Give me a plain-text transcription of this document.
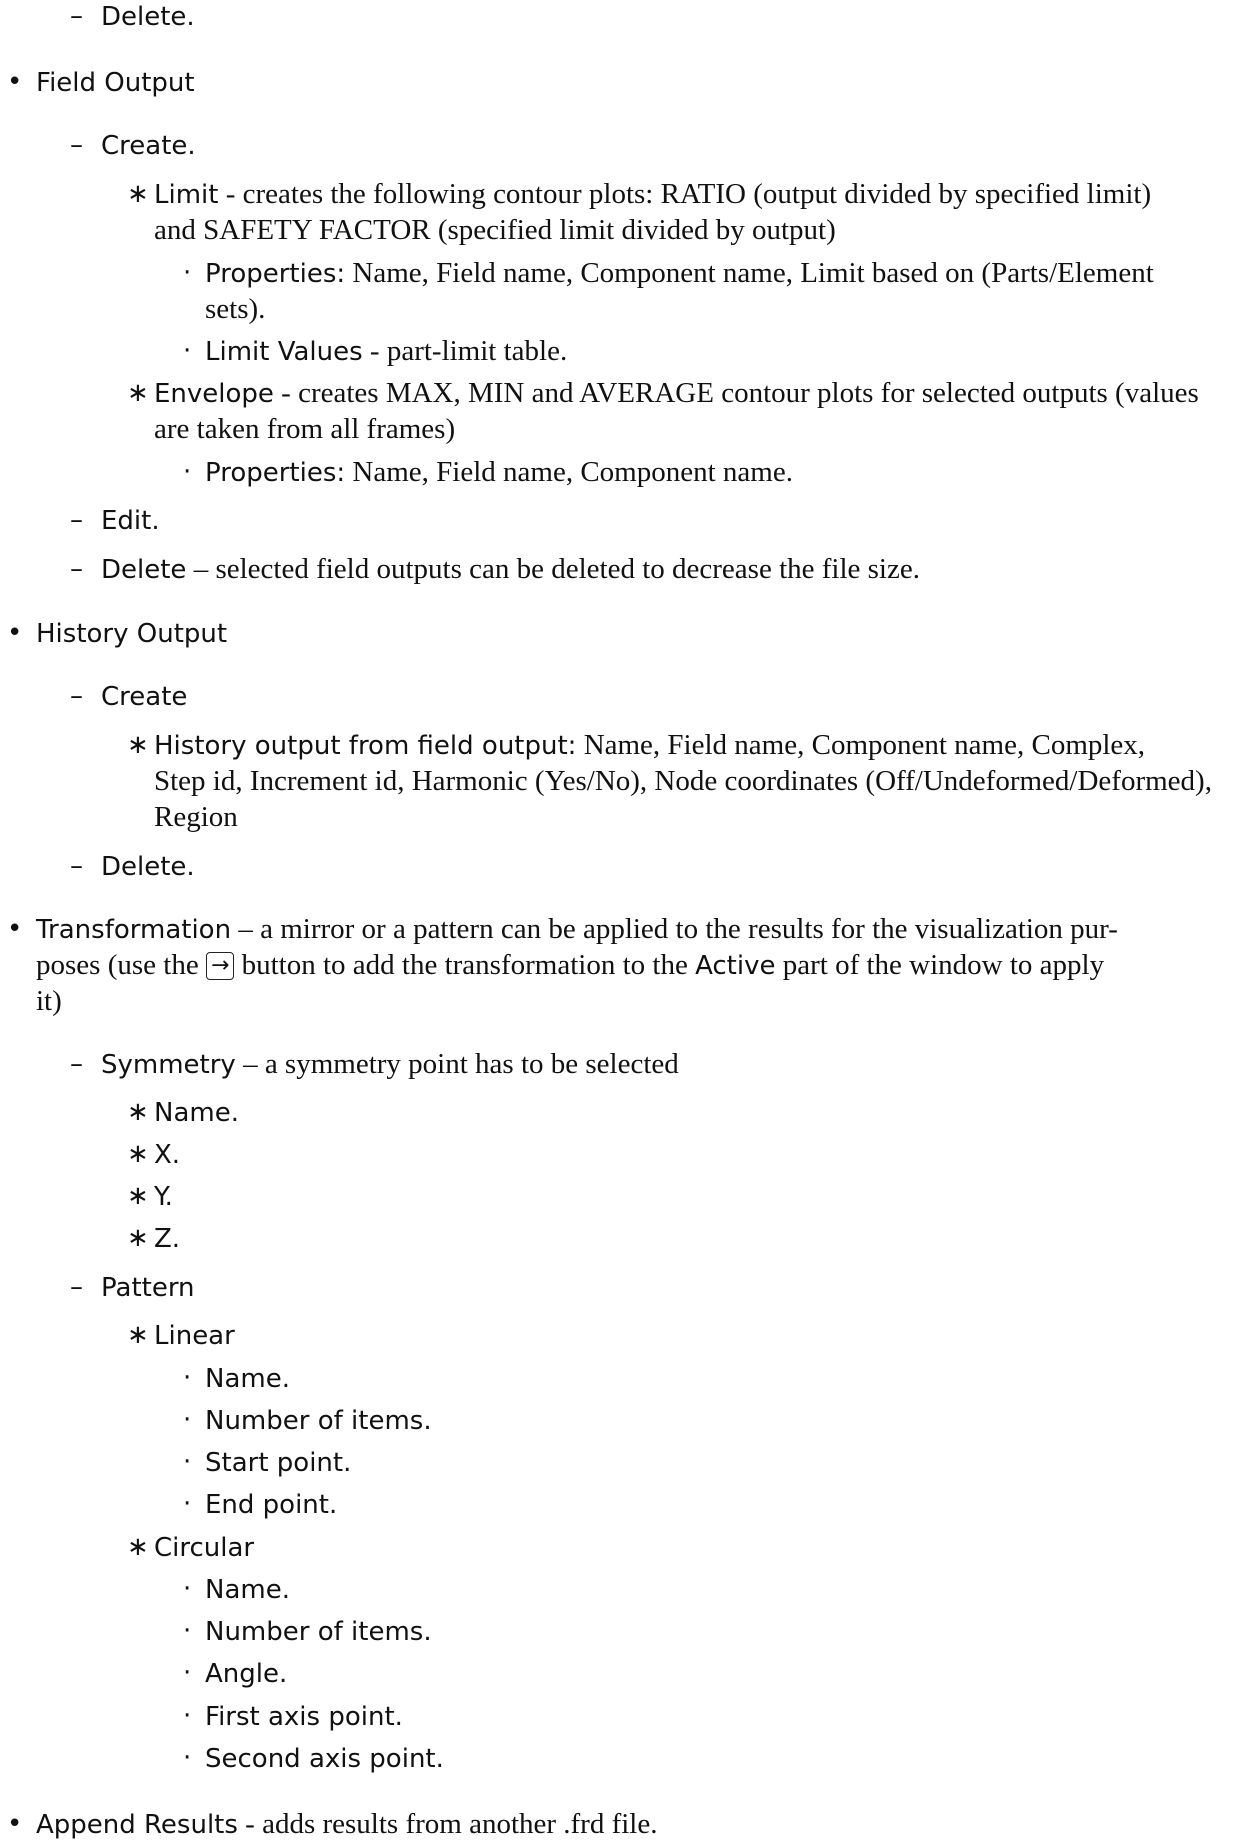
– Delete.
• Field Output
– Create.
∗ Limit - creates the following contour plots: RATIO (output divided by specified limit)
and SAFETY FACTOR (specified limit divided by output)
· Properties: Name, Field name, Component name, Limit based on (Parts/Element
sets).
· Limit Values - part-limit table.
∗ Envelope - creates MAX, MIN and AVERAGE contour plots for selected outputs (values
are taken from all frames)
· Properties: Name, Field name, Component name.
– Edit.
– Delete – selected field outputs can be deleted to decrease the file size.
• History Output
– Create
∗ History output from field output: Name, Field name, Component name, Complex,
Step id, Increment id, Harmonic (Yes/No), Node coordinates (Off/Undeformed/Deformed),
Region
– Delete.
• Transformation – a mirror or a pattern can be applied to the results for the visualization pur-
poses (use the → button to add the transformation to the Active part of the window to apply
it)
– Symmetry – a symmetry point has to be selected
∗ Name.
∗ X.
∗ Y.
∗ Z.
– Pattern
∗ Linear
· Name.
· Number of items.
· Start point.
· End point.
∗ Circular
· Name.
· Number of items.
· Angle.
· First axis point.
· Second axis point.
• Append Results - adds results from another .frd file.
